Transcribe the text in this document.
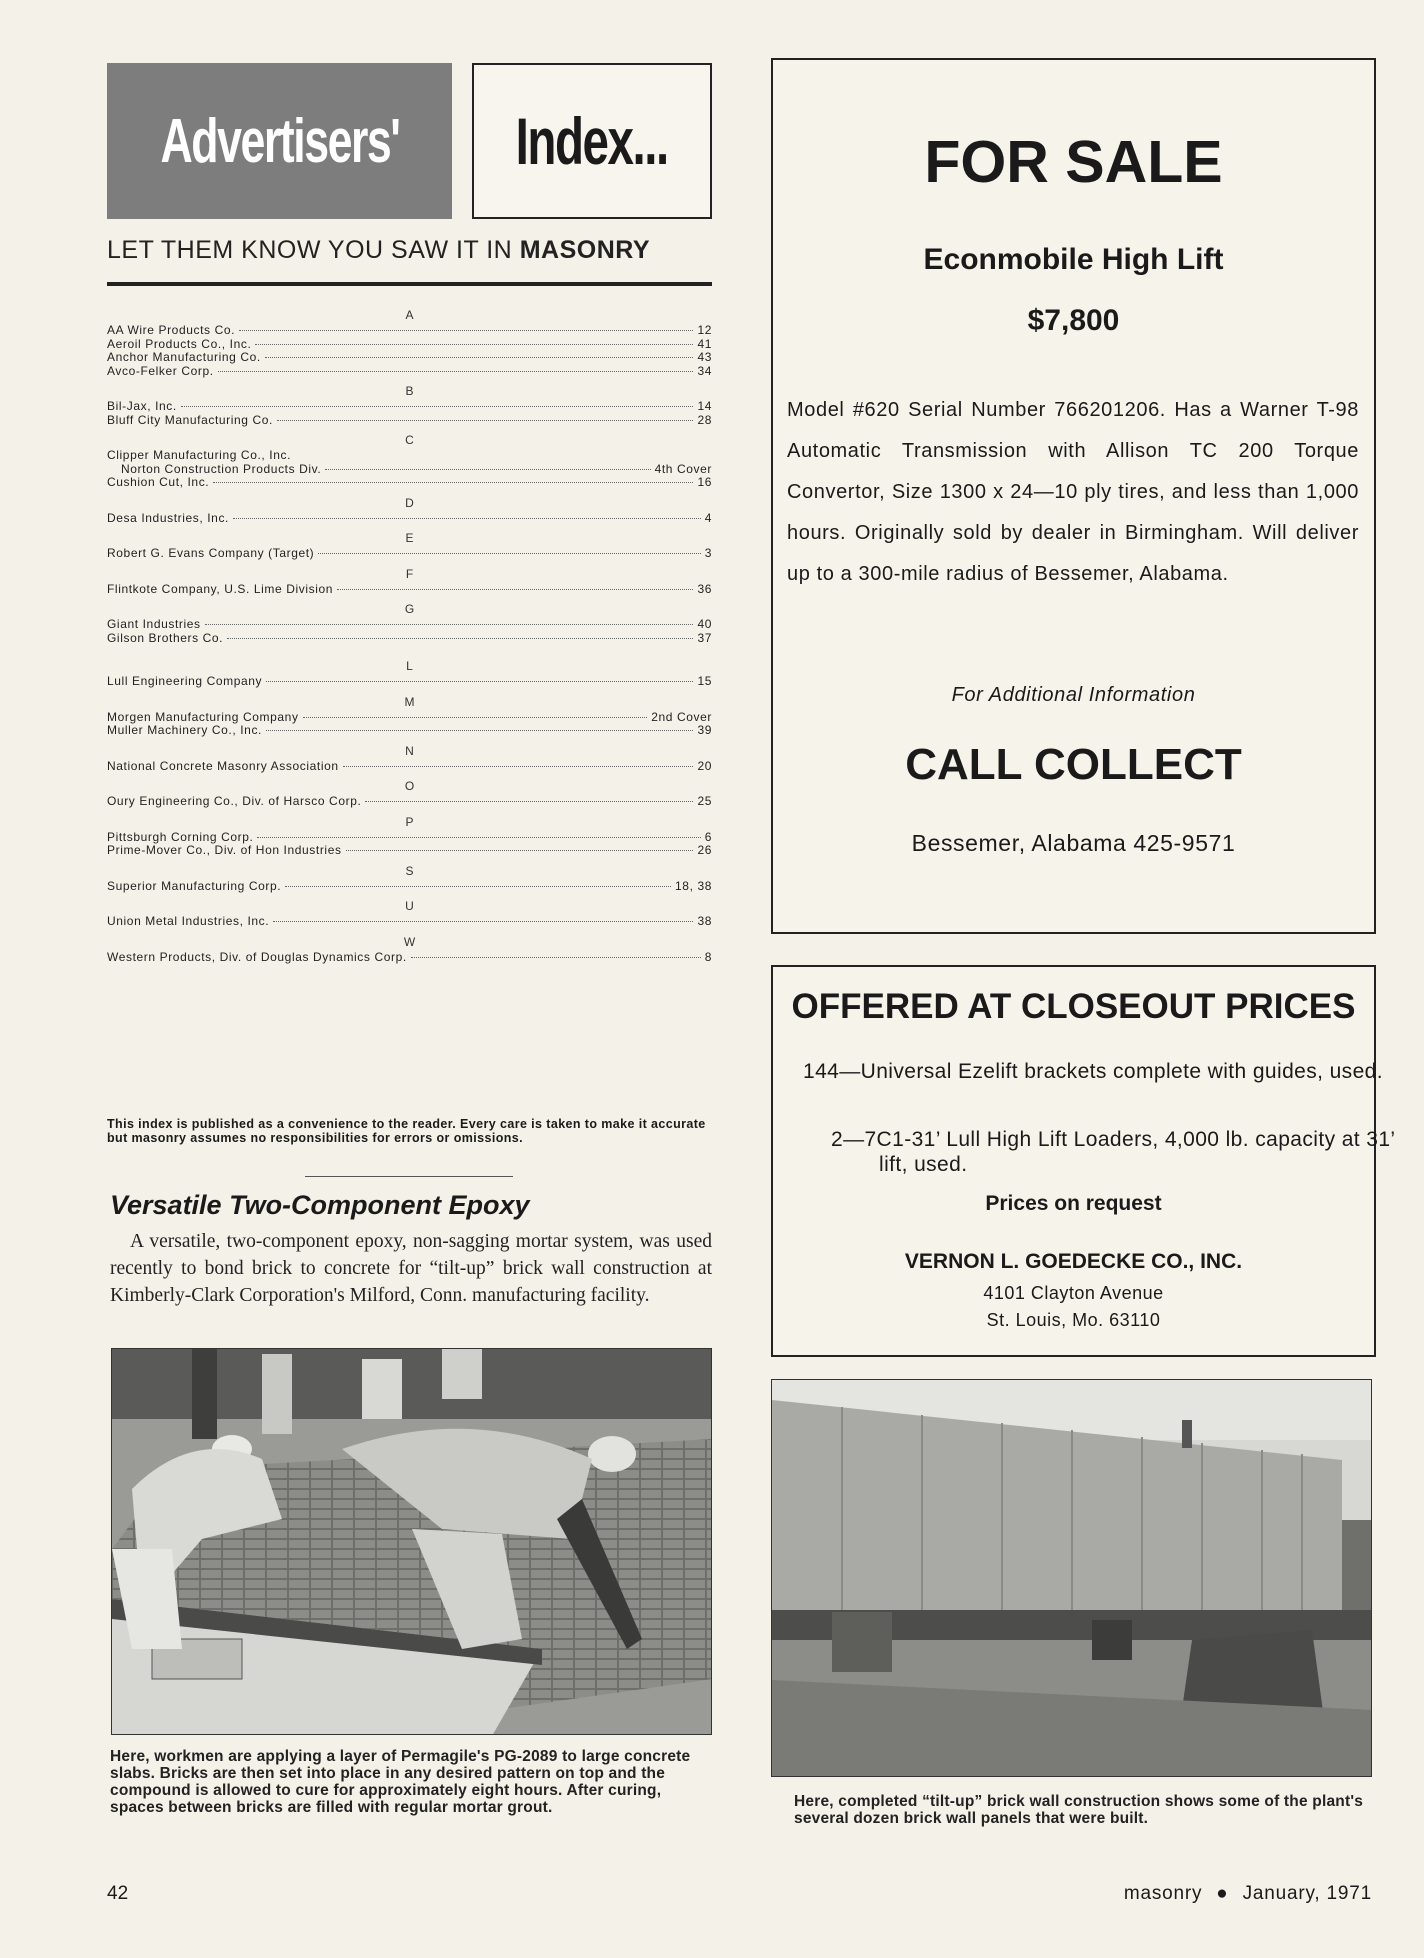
Advertisers' Index...
LET THEM KNOW YOU SAW IT IN MASONRY
A
AA Wire Products Co.	12
Aeroil Products Co., Inc.	41
Anchor Manufacturing Co.	43
Avco-Felker Corp.	34
B
Bil-Jax, Inc.	14
Bluff City Manufacturing Co.	28
C
Clipper Manufacturing Co., Inc.
Norton Construction Products Div.	4th Cover
Cushion Cut, Inc.	16
D
Desa Industries, Inc.	4
E
Robert G. Evans Company (Target)	3
F
Flintkote Company, U.S. Lime Division	36
G
Giant Industries	40
Gilson Brothers Co.	37
L
Lull Engineering Company	15
M
Morgen Manufacturing Company	2nd Cover
Muller Machinery Co., Inc.	39
N
National Concrete Masonry Association	20
O
Oury Engineering Co., Div. of Harsco Corp.	25
P
Pittsburgh Corning Corp.	6
Prime-Mover Co., Div. of Hon Industries	26
S
Superior Manufacturing Corp.	18, 38
U
Union Metal Industries, Inc.	38
W
Western Products, Div. of Douglas Dynamics Corp.	8
This index is published as a convenience to the reader. Every care is taken to make it accurate but masonry assumes no responsibilities for errors or omissions.
Versatile Two-Component Epoxy
A versatile, two-component epoxy, non-sagging mortar system, was used recently to bond brick to concrete for “tilt-up” brick wall construction at Kimberly-Clark Corporation's Milford, Conn. manufacturing facility.
Here, workmen are applying a layer of Permagile's PG-2089 to large concrete slabs. Bricks are then set into place in any desired pattern on top and the compound is allowed to cure for approximately eight hours. After curing, spaces between bricks are filled with regular mortar grout.
FOR SALE
Econmobile High Lift
$7,800
Model #620 Serial Number 766201206. Has a Warner T-98 Automatic Transmission with Allison TC 200 Torque Convertor, Size 1300 x 24—10 ply tires, and less than 1,000 hours. Originally sold by dealer in Birmingham. Will deliver up to a 300-mile radius of Bessemer, Alabama.
For Additional Information
CALL COLLECT
Bessemer, Alabama 425-9571
OFFERED AT CLOSEOUT PRICES
144—Universal Ezelift brackets complete with guides, used.
2—7C1-31’ Lull High Lift Loaders, 4,000 lb. capacity at 31’ lift, used.
Prices on request
VERNON L. GOEDECKE CO., INC.
4101 Clayton Avenue
St. Louis, Mo. 63110
Here, completed “tilt-up” brick wall construction shows some of the plant's several dozen brick wall panels that were built.
42	masonry ● January, 1971
